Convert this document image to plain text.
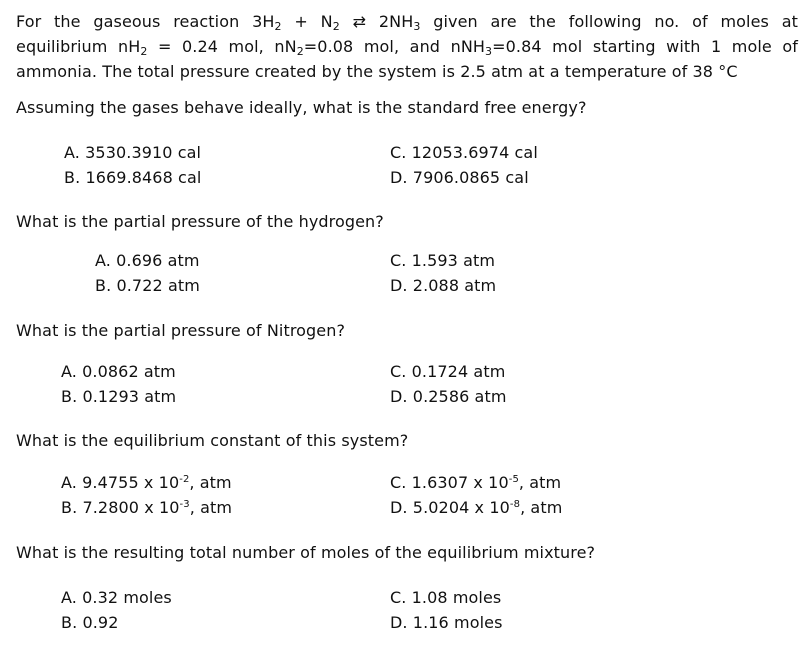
For the gaseous reaction $3H_2 + N_2$ ⇄ $2NH_3$ given are the following no. of moles at
equilibrium $nH_2 = 0.24$ mol, $nN_2=0.08$ mol, and nNH$_3$=0.84 mol starting with 1 mole of
ammonia. The total pressure created by the system is 2.5 atm at a temperature of 38 °C
Assuming the gases behave ideally, what is the standard free energy?
A. 3530.3910 cal
B. 1669.8468 cal
C. 12053.6974 cal
D. 7906.0865 cal
What is the partial pressure of the hydrogen?
A. 0.696 atm
B. 0.722 atm
C. 1.593 atm
D. 2.088 atm
What is the partial pressure of Nitrogen?
A. 0.0862 atm
B. 0.1293 atm
C. 0.1724 atm
D. 0.2586 atm
What is the equilibrium constant of this system?
A. 9.4755 x $10^{-2}$, atm
B. 7.2800 x $10^{-3}$, atm
C. 1.6307 x $10^{-5}$, atm
D. 5.0204 x $10^{-8}$, atm
What is the resulting total number of moles of the equilibrium mixture?
A. 0.32 moles
B. 0.92
C. 1.08 moles
D. 1.16 moles
